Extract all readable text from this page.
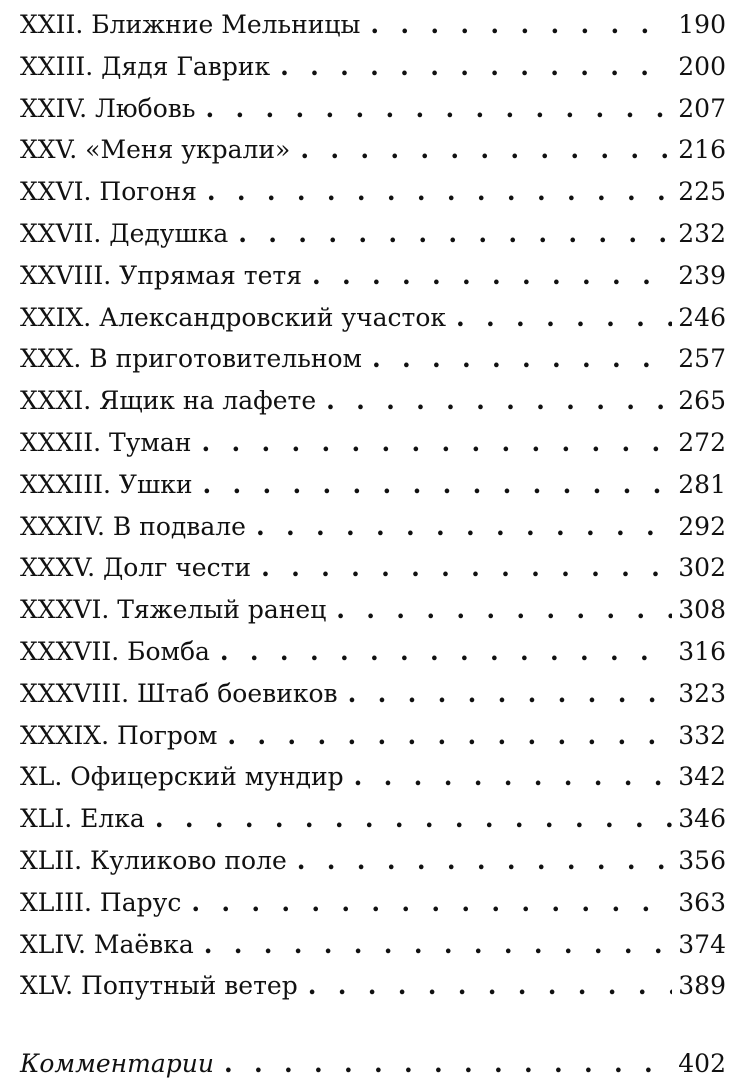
XXII. Ближние Мельницы . . .	190
XXIII. Дядя Гаврик . . .	200
XXIV. Любовь . . .	207
XXV. «Меня украли» . . .	216
XXVI. Погоня . . .	225
XXVII. Дедушка . . .	232
XXVIII. Упрямая тетя . . .	239
XXIX. Александровский участок . . .	246
XXX. В приготовительном . . .	257
XXXI. Ящик на лафете . . .	265
XXXII. Туман . . .	272
XXXIII. Ушки . . .	281
XXXIV. В подвале . . .	292
XXXV. Долг чести . . .	302
XXXVI. Тяжелый ранец . . .	308
XXXVII. Бомба . . .	316
XXXVIII. Штаб боевиков . . .	323
XXXIX. Погром . . .	332
XL. Офицерский мундир . . .	342
XLI. Елка . . .	346
XLII. Куликово поле . . .	356
XLIII. Парус . . .	363
XLIV. Маёвка . . .	374
XLV. Попутный ветер . . .	389
Комментарии . . .	402
